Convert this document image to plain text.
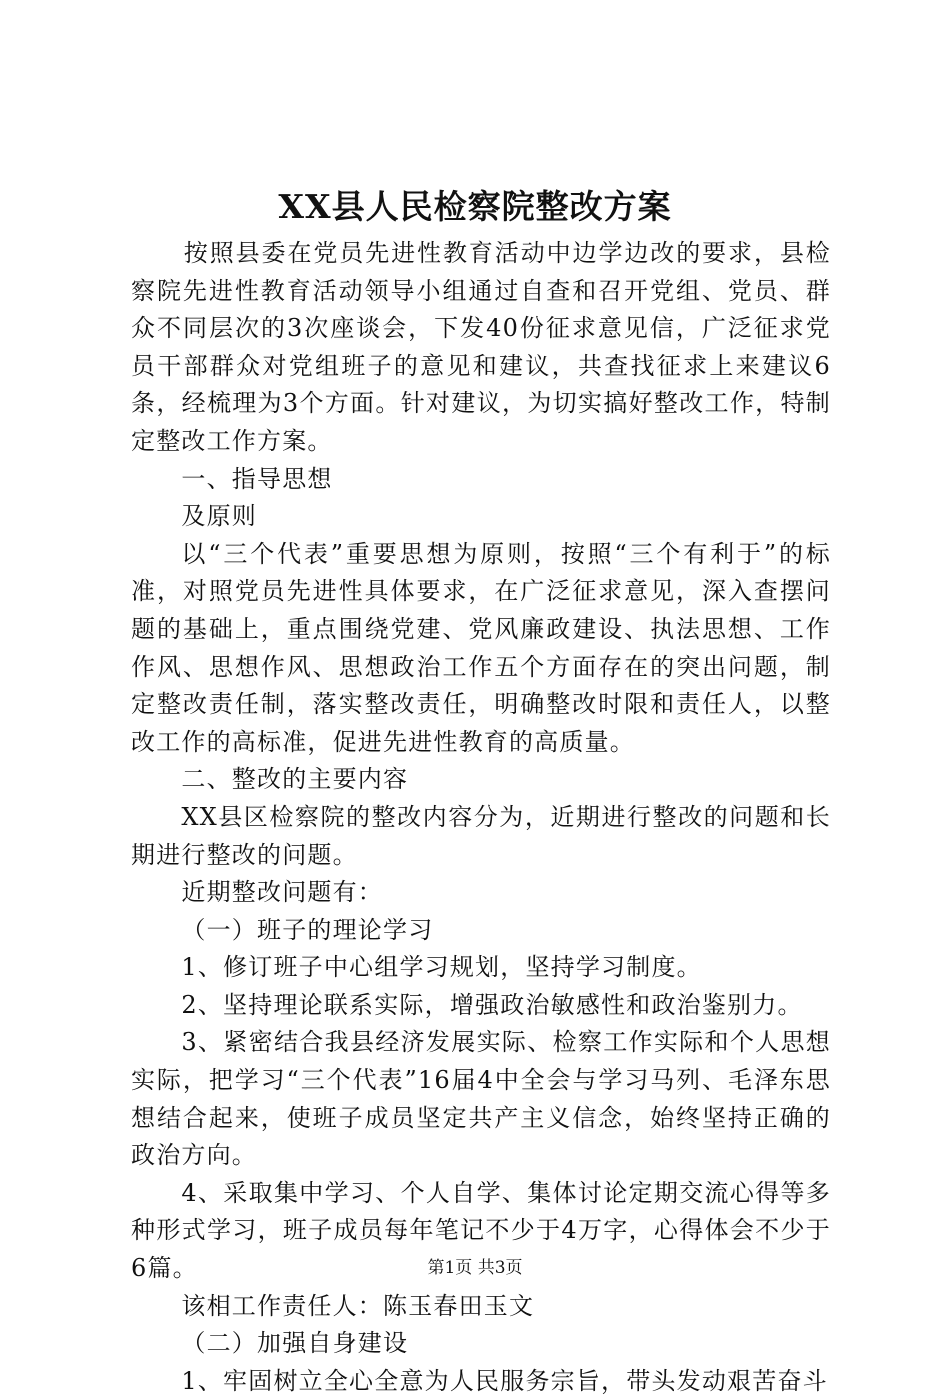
XX县人民检察院整改方案

按照县委在党员先进性教育活动中边学边改的要求，县检察院先进性教育活动领导小组通过自查和召开党组、党员、群众不同层次的3次座谈会，下发40份征求意见信，广泛征求党员干部群众对党组班子的意见和建议，共查找征求上来建议6条，经梳理为3个方面。针对建议，为切实搞好整改工作，特制定整改工作方案。

一、指导思想

及原则

以“三个代表”重要思想为原则，按照“三个有利于”的标准，对照党员先进性具体要求，在广泛征求意见，深入查摆问题的基础上，重点围绕党建、党风廉政建设、执法思想、工作作风、思想作风、思想政治工作五个方面存在的突出问题，制定整改责任制，落实整改责任，明确整改时限和责任人，以整改工作的高标准，促进先进性教育的高质量。

二、整改的主要内容

XX县区检察院的整改内容分为，近期进行整改的问题和长期进行整改的问题。

近期整改问题有：

（一）班子的理论学习

1、修订班子中心组学习规划，坚持学习制度。

2、坚持理论联系实际，增强政治敏感性和政治鉴别力。

3、紧密结合我县经济发展实际、检察工作实际和个人思想实际，把学习“三个代表”16届4中全会与学习马列、毛泽东思想结合起来，使班子成员坚定共产主义信念，始终坚持正确的政治方向。

4、采取集中学习、个人自学、集体讨论定期交流心得等多种形式学习，班子成员每年笔记不少于4万字，心得体会不少于6篇。

该相工作责任人：陈玉春田玉文

（二）加强自身建设

1、牢固树立全心全意为人民服务宗旨，带头发动艰苦奋斗

第1页 共3页
